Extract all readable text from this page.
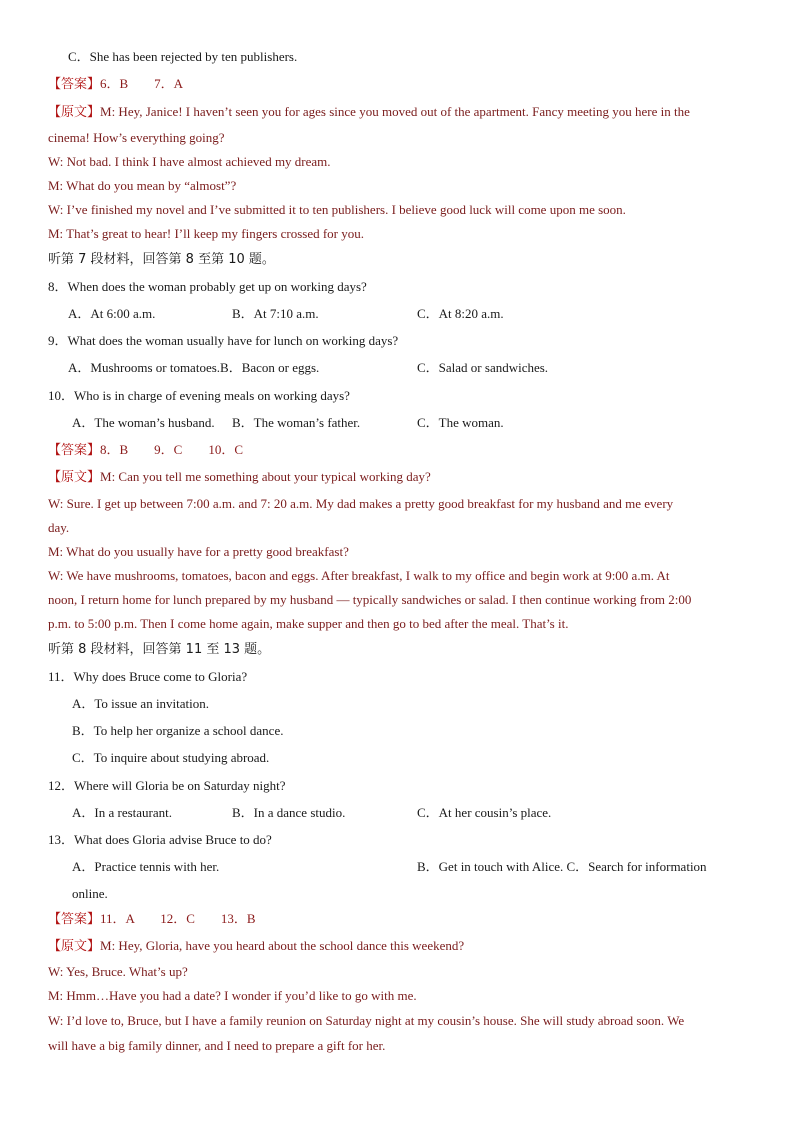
C．She has been rejected by ten publishers.
【答案】6．B　　7．A
【原文】M: Hey, Janice! I haven’t seen you for ages since you moved out of the apartment. Fancy meeting you here in the
cinema! How’s everything going?
W: Not bad. I think I have almost achieved my dream.
M: What do you mean by “almost”?
W: I’ve finished my novel and I’ve submitted it to ten publishers. I believe good luck will come upon me soon.
M: That’s great to hear! I’ll keep my fingers crossed for you.
听第 7 段材料，回答第 8 至第 10 题。
8．When does the woman probably get up on working days?
A．At 6:00 a.m.	B．At 7:10 a.m.	C．At 8:20 a.m.
9．What does the woman usually have for lunch on working days?
A．Mushrooms or tomatoes.B．Bacon or eggs.	C．Salad or sandwiches.
10．Who is in charge of evening meals on working days?
A．The woman’s husband. B．The woman’s father.	C．The woman.
【答案】8．B　　9．C　　10．C
【原文】M: Can you tell me something about your typical working day?
W: Sure. I get up between 7:00 a.m. and 7: 20 a.m. My dad makes a pretty good breakfast for my husband and me every
day.
M: What do you usually have for a pretty good breakfast?
W: We have mushrooms, tomatoes, bacon and eggs. After breakfast, I walk to my office and begin work at 9:00 a.m. At
noon, I return home for lunch prepared by my husband — typically sandwiches or salad. I then continue working from 2:00
p.m. to 5:00 p.m. Then I come home again, make supper and then go to bed after the meal. That’s it.
听第 8 段材料，回答第 11 至 13 题。
11．Why does Bruce come to Gloria?
A．To issue an invitation.
B．To help her organize a school dance.
C．To inquire about studying abroad.
12．Where will Gloria be on Saturday night?
A．In a restaurant.	B．In a dance studio.	C．At her cousin’s place.
13．What does Gloria advise Bruce to do?
A．Practice tennis with her.	B．Get in touch with Alice. C．Search for information
online.
【答案】11．A　　12．C　　13．B
【原文】M: Hey, Gloria, have you heard about the school dance this weekend?
W: Yes, Bruce. What’s up?
M: Hmm…Have you had a date? I wonder if you’d like to go with me.
W: I’d love to, Bruce, but I have a family reunion on Saturday night at my cousin’s house. She will study abroad soon. We
will have a big family dinner, and I need to prepare a gift for her.
